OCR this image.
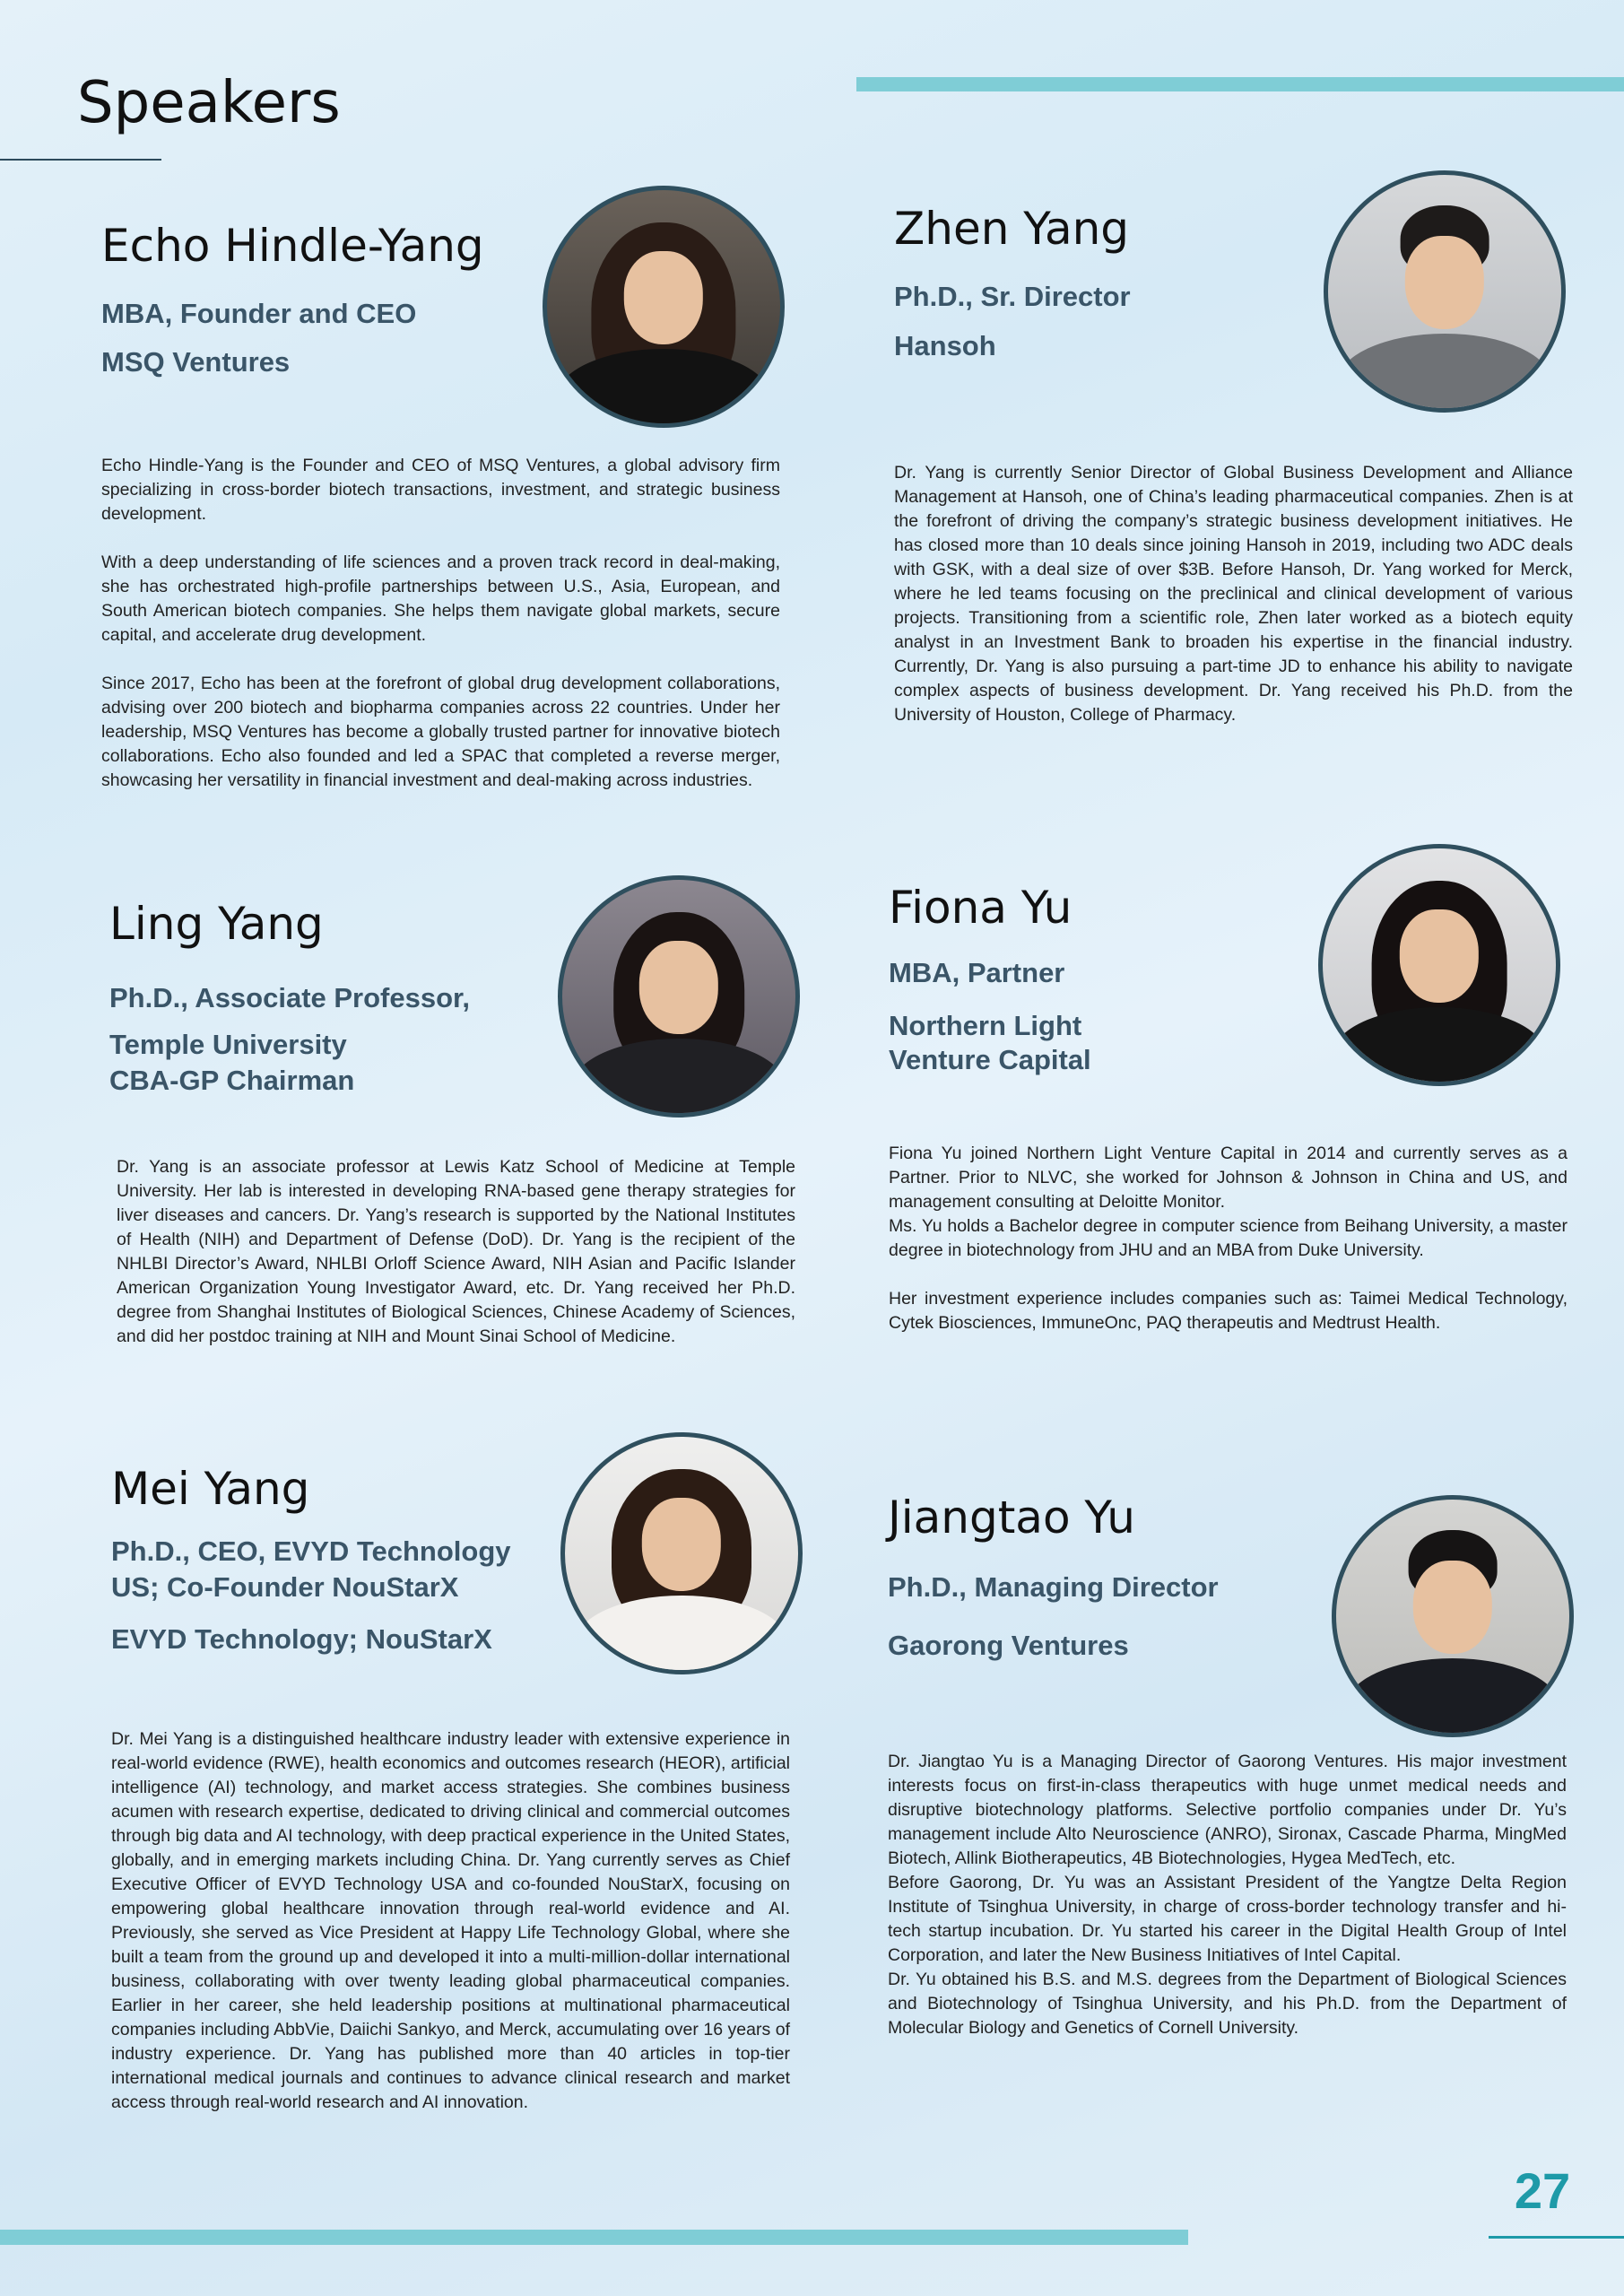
Speakers
Echo Hindle-Yang
MBA, Founder and CEO
MSQ Ventures

Echo Hindle-Yang is the Founder and CEO of MSQ Ventures, a global advisory firm specializing in cross-border biotech transactions, investment, and strategic business development.

With a deep understanding of life sciences and a proven track record in deal-making, she has orchestrated high-profile partnerships between U.S., Asia, European, and South American biotech companies. She helps them navigate global markets, secure capital, and accelerate drug development.

Since 2017, Echo has been at the forefront of global drug development collaborations, advising over 200 biotech and biopharma companies across 22 countries. Under her leadership, MSQ Ventures has become a globally trusted partner for innovative biotech collaborations. Echo also founded and led a SPAC that completed a reverse merger, showcasing her versatility in financial investment and deal-making across industries.

Zhen Yang
Ph.D., Sr. Director
Hansoh

Dr. Yang is currently Senior Director of Global Business Development and Alliance Management at Hansoh, one of China’s leading pharmaceutical companies. Zhen is at the forefront of driving the company’s strategic business development initiatives. He has closed more than 10 deals since joining Hansoh in 2019, including two ADC deals with GSK, with a deal size of over $3B. Before Hansoh, Dr. Yang worked for Merck, where he led teams focusing on the preclinical and clinical development of various projects. Transitioning from a scientific role, Zhen later worked as a biotech equity analyst in an Investment Bank to broaden his expertise in the financial industry. Currently, Dr. Yang is also pursuing a part-time JD to enhance his ability to navigate complex aspects of business development. Dr. Yang received his Ph.D. from the University of Houston, College of Pharmacy.

Ling Yang
Ph.D., Associate Professor,
Temple University
CBA-GP Chairman

Dr. Yang is an associate professor at Lewis Katz School of Medicine at Temple University. Her lab is interested in developing RNA-based gene therapy strategies for liver diseases and cancers. Dr. Yang’s research is supported by the National Institutes of Health (NIH) and Department of Defense (DoD). Dr. Yang is the recipient of the NHLBI Director’s Award, NHLBI Orloff Science Award, NIH Asian and Pacific Islander American Organization Young Investigator Award, etc. Dr. Yang received her Ph.D. degree from Shanghai Institutes of Biological Sciences, Chinese Academy of Sciences, and did her postdoc training at NIH and Mount Sinai School of Medicine.

Fiona Yu
MBA, Partner
Northern Light
Venture Capital

Fiona Yu joined Northern Light Venture Capital in 2014 and currently serves as a Partner. Prior to NLVC, she worked for Johnson & Johnson in China and US, and management consulting at Deloitte Monitor.

Ms. Yu holds a Bachelor degree in computer science from Beihang University, a master degree in biotechnology from JHU and an MBA from Duke University.

Her investment experience includes companies such as: Taimei Medical Technology, Cytek Biosciences, ImmuneOnc, PAQ therapeutis and Medtrust Health.

Mei Yang
Ph.D., CEO, EVYD Technology
US; Co-Founder NouStarX
EVYD Technology; NouStarX

Dr. Mei Yang is a distinguished healthcare industry leader with extensive experience in real-world evidence (RWE), health economics and outcomes research (HEOR), artificial intelligence (AI) technology, and market access strategies. She combines business acumen with research expertise, dedicated to driving clinical and commercial outcomes through big data and AI technology, with deep practical experience in the United States, globally, and in emerging markets including China. Dr. Yang currently serves as Chief Executive Officer of EVYD Technology USA and co-founded NouStarX, focusing on empowering global healthcare innovation through real-world evidence and AI. Previously, she served as Vice President at Happy Life Technology Global, where she built a team from the ground up and developed it into a multi-million-dollar international business, collaborating with over twenty leading global pharmaceutical companies. Earlier in her career, she held leadership positions at multinational pharmaceutical companies including AbbVie, Daiichi Sankyo, and Merck, accumulating over 16 years of industry experience. Dr. Yang has published more than 40 articles in top-tier international medical journals and continues to advance clinical research and market access through real-world research and AI innovation.

Jiangtao Yu
Ph.D., Managing Director
Gaorong Ventures

Dr. Jiangtao Yu is a Managing Director of Gaorong Ventures. His major investment interests focus on first-in-class therapeutics with huge unmet medical needs and disruptive biotechnology platforms. Selective portfolio companies under Dr. Yu’s management include Alto Neuroscience (ANRO), Sironax, Cascade Pharma, MingMed Biotech, Allink Biotherapeutics, 4B Biotechnologies, Hygea MedTech, etc.

Before Gaorong, Dr. Yu was an Assistant President of the Yangtze Delta Region Institute of Tsinghua University, in charge of cross-border technology transfer and hi-tech startup incubation. Dr. Yu started his career in the Digital Health Group of Intel Corporation, and later the New Business Initiatives of Intel Capital.

Dr. Yu obtained his B.S. and M.S. degrees from the Department of Biological Sciences and Biotechnology of Tsinghua University, and his Ph.D. from the Department of Molecular Biology and Genetics of Cornell University.

27
